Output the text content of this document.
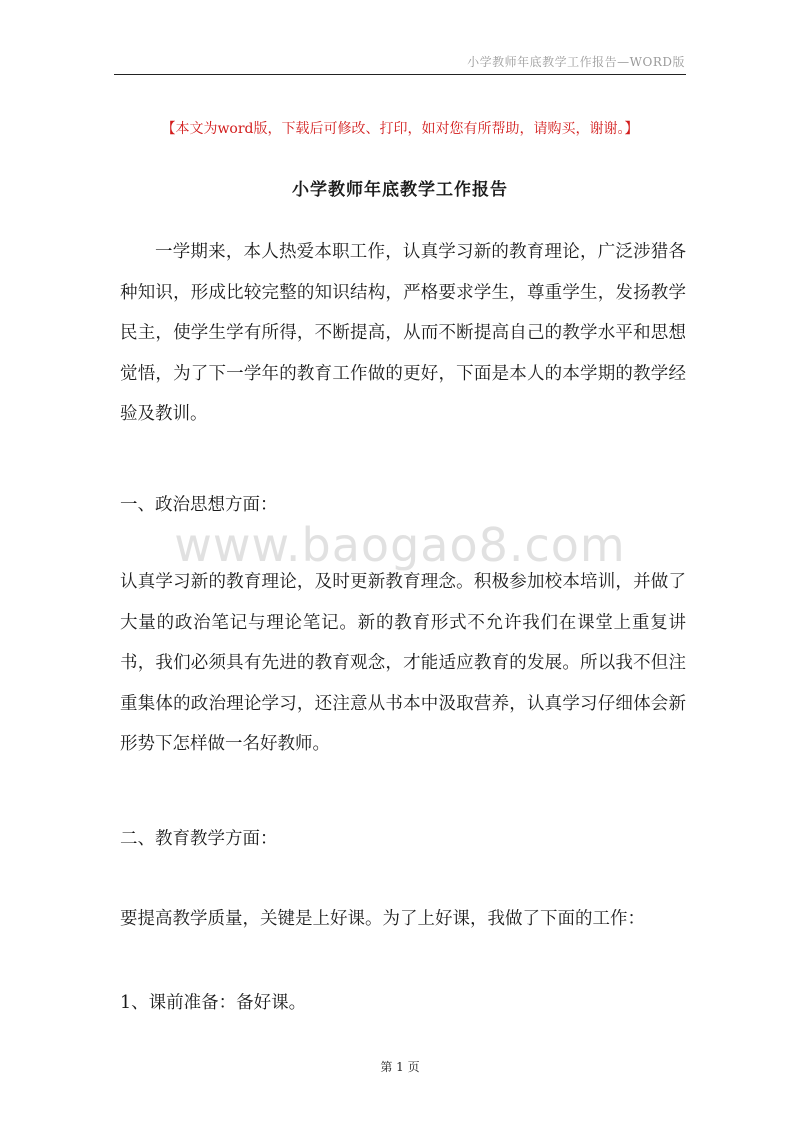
小学教师年底教学工作报告—WORD版
【本文为word版，下载后可修改、打印，如对您有所帮助，请购买，谢谢。】
小学教师年底教学工作报告
一学期来，本人热爱本职工作，认真学习新的教育理论，广泛涉猎各种知识，形成比较完整的知识结构，严格要求学生，尊重学生，发扬教学民主，使学生学有所得，不断提高，从而不断提高自己的教学水平和思想觉悟，为了下一学年的教育工作做的更好，下面是本人的本学期的教学经验及教训。
一、政治思想方面：
www.baogao8.com
认真学习新的教育理论，及时更新教育理念。积极参加校本培训，并做了大量的政治笔记与理论笔记。新的教育形式不允许我们在课堂上重复讲书，我们必须具有先进的教育观念，才能适应教育的发展。所以我不但注重集体的政治理论学习，还注意从书本中汲取营养，认真学习仔细体会新形势下怎样做一名好教师。
二、教育教学方面：
要提高教学质量，关键是上好课。为了上好课，我做了下面的工作：
1、课前准备：备好课。
第 1 页
